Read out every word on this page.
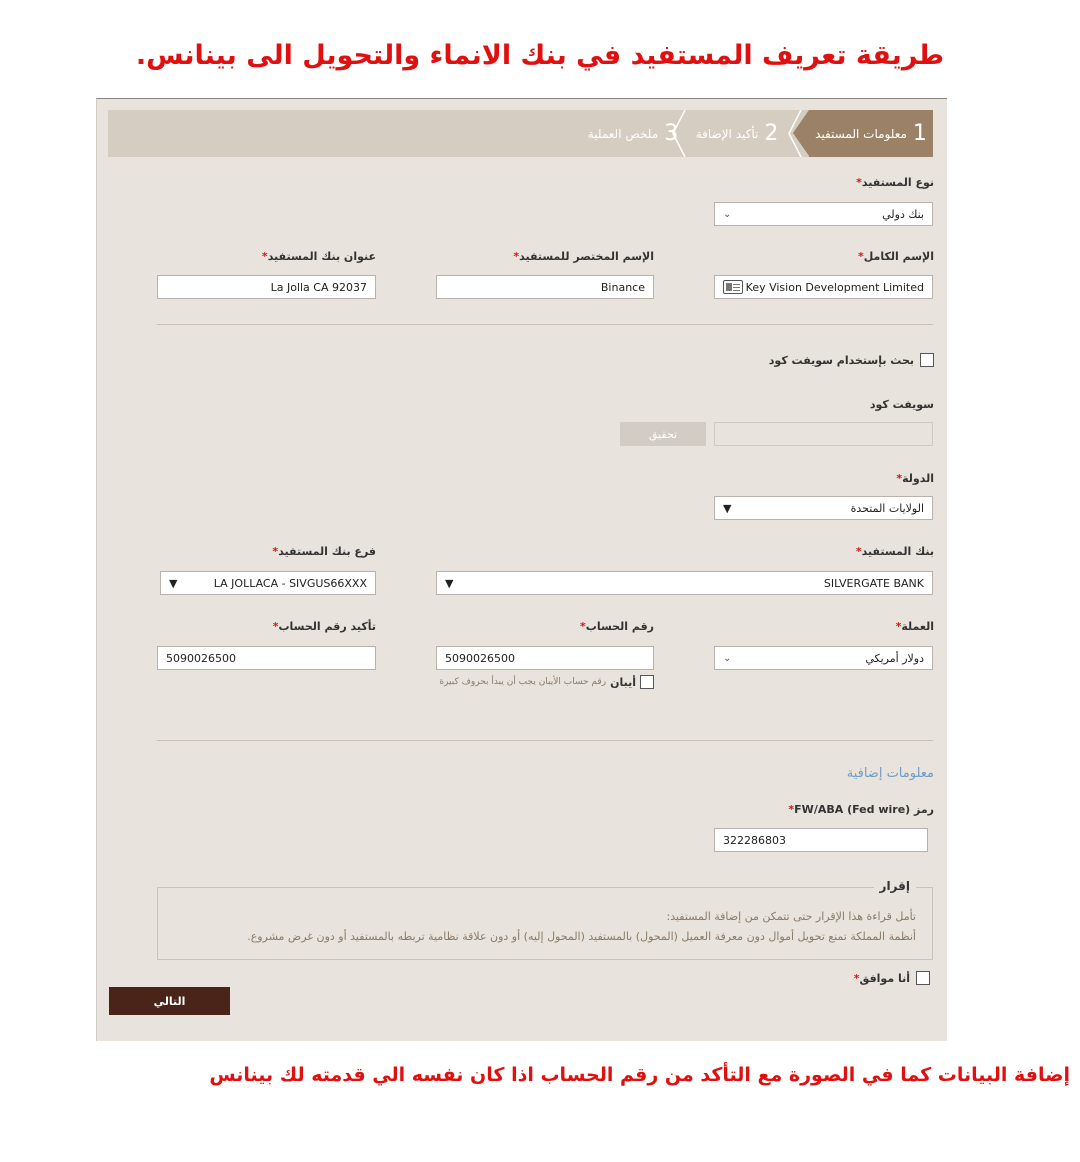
طريقة تعريف المستفيد في بنك الانماء والتحويل الى بينانس.
1
معلومات المستفيد
2
تأكيد الإضافة
3
ملخص العملية
نوع المستفيد*
بنك دولي
⌄
الإسم الكامل*
الإسم المختصر للمستفيد*
عنوان بنك المستفيد*
Key Vision Development Limited
Binance
La Jolla CA 92037
بحث بإستخدام سويفت كود
سويفت كود
تحقيق
الدولة*
الولايات المتحدة
▼
بنك المستفيد*
فرع بنك المستفيد*
SILVERGATE BANK
▼
LA JOLLACA - SIVGUS66XXX
▼
العملة*
رقم الحساب*
تأكيد رقم الحساب*
دولار أمريكي
⌄
5090026500
5090026500
أيبان
رقم حساب الأيبان يجب أن يبدأ بحروف كبيرة
معلومات إضافية
رمز (FW/ABA (Fed wire*
322286803
إقرار
تأمل قراءة هذا الإقرار حتى تتمكن من إضافة المستفيد:
أنظمة المملكة تمنع تحويل أموال دون معرفة العميل (المحول) بالمستفيد (المحول إليه) أو دون علاقة نظامية تربطه بالمستفيد أو دون غرض مشروع.
أنا موافق*
التالي
إضافة البيانات كما في الصورة مع التأكد من رقم الحساب اذا كان نفسه الي قدمته لك بينانس
